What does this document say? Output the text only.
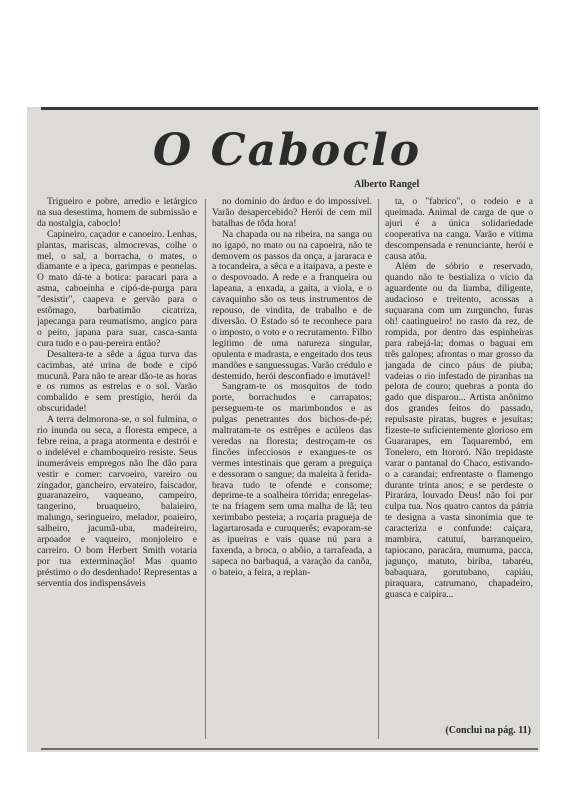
O Caboclo
Alberto Rangel

Trigueiro e pobre, arredio e letárgico na sua desestima, homem de submissão e da nostalgia, caboclo!

Capineiro, caçador e canoeiro. Lenhas, plantas, mariscas, almocrevas, colhe o mel, o sal, a borracha, o mates, o diamante e a ipeca, garimpas e peonelas. O mato dá-te a botica: paracari para a asma, caboeinha e cipó-de-purga para "desistir", caapeva e gervão para o estômago, barbatimão cicatriza, japecanga para reumatismo, angico para o peito, japana para suar, casca-santa cura tudo e o pau-pereira então?

Desaltera-te a sêde a água turva das cacimbas, até urina de bode e cipó mucunã. Para não te arear dão-te as horas e os rumos as estrelas e o sol. Varão combalido e sem prestígio, herói da obscuridade!

A terra delmorona-se, o sol fulmina, o rio inunda ou seca, a floresta empece, a febre reina, a praga atormenta e destrói e o indelével e chamboqueiro resiste. Seus inumeráveis empregos não lhe dão para vestir e comer: carvoeiro, vareiro ou zingador, gancheiro, ervateiro, faiscador, guaranazeiro, vaqueano, campeiro, tangerino, bruaqueiro, balaieiro, malungo, seringueiro, melador, poaieiro, salheiro, jacumã-uba, madeireiro, arpoador e vaqueiro, monjoleiro e carreiro. O bom Herbert Smith votaria por tua exterminação! Mas quanto préstimo o do desdenhado! Representas a serventia dos indispensáveis

no domínio do árduo e do impossível. Varão desapercebido? Herói de cem mil batalhas de tôda hora!

Na chapada ou na ribeira, na sanga ou no igapó, no mato ou na capoeira, não te demovem os passos da onça, a jararaca e a tocandeira, a sêca e a itaipava, a peste e o despovoado. A rede e a franqueira ou lapeana, a enxada, a gaita, a viola, e o cavaquinho são os teus instrumentos de repouso, de vindita, de trabalho e de diversão. O Estado só te reconhece para o imposto, o voto e o recrutamento. Filho legítimo de uma natureza singular, opulenta e madrasta, e engeitado dos teus mandões e sanguessugas. Varão crédulo e destemido, herói desconfiado e imutável!

Sangram-te os mosquitos de todo porte, borrachudos e carrapatos; perseguem-te os marimbondos e as pulgas penetrantes dos bichos-de-pé; maltratam-te os estrêpes e acúleos das veredas na floresta; destroçam-te os fincões infecciosos e exangues-te os vermes intestinais que geram a preguiça e dessoram o sangue; da maleita à ferida-brava tudo te ofende e consome; deprime-te a soalheira tórrida; enregelas-te na friagem sem uma malha de lã; teu xerimbabo pesteia; a roçaria pragueja de lagartarosada e curuquerês; evaporam-se as ipueiras e vais quase nú para a faxenda, a broca, o abôio, a tarrafeada, a sapeca no barbaquá, a varação da canôa, o bateio, a feira, a replan-

ta, o "fabrico", o rodeio e a queimada. Animal de carga de que o ajuri é a única solidariedade cooperativa na canga. Varão e vítima descompensada e renunciante, herói e causa atôa.

Além de sóbrio e reservado, quando não te bestializa o vício da aguardente ou da liamba, diligente, audacioso e treitento, acossas a suçuarana com um zurguncho, furas oh! caatingueiro! no rasto da rez, de rompida, por dentro das espinheiras para rabejá-la; domas o baguai em três galopes; afrontas o mar grosso da jangada de cinco páus de piuba; vadeias o rio infestado de piranhas na pelota de couro; quebras a ponta do gado que disparou... Artista anônimo dos grandes feitos do passado, repulsaste piratas, bugres e jesuítas; fizeste-te suficientemente glorioso em Guararapes, em Taquarembó, em Tonelero, em Itororó. Não trepidaste varar o pantanal do Chaco, estivando-o a carandai; enfrentaste o flamengo durante trinta anos; e se perdeste o Pirarára, louvado Deus! não foi por culpa tua. Nos quatro cantos da pátria te designa a vasta sinonímia que te caracteriza e confunde: caiçara, mambira, catutuí, barranqueiro, tapiocano, paracára, mumuma, pacca, jagunço, matuto, biriba, tabaréu, babaquara, gorutubano, capiáu, piraquara, catrumano, chapadeiro, guasca e caipira...

(Conclui na pág. 11)
